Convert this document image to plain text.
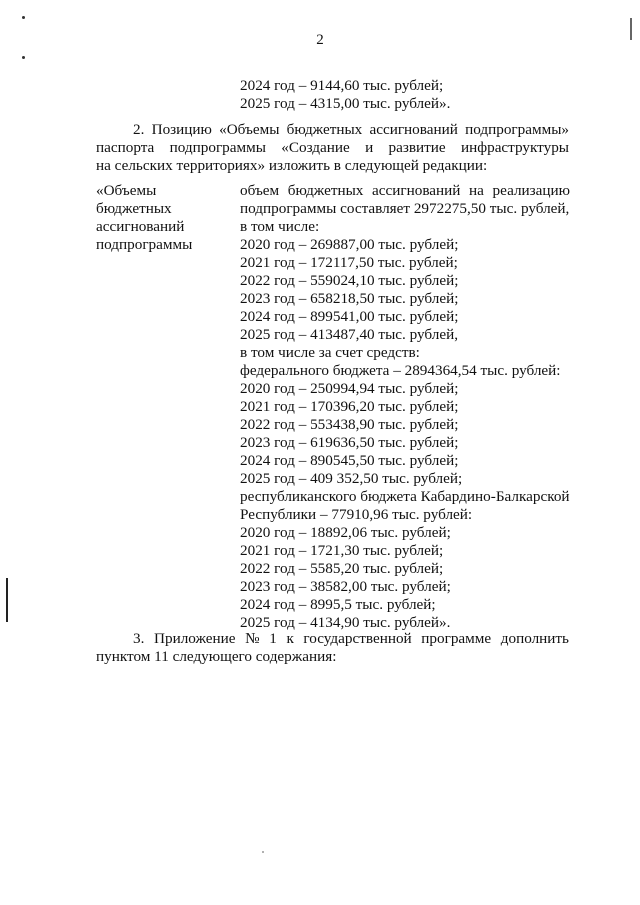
2
2024 год – 9144,60 тыс. рублей;
2025 год – 4315,00 тыс. рублей».
2. Позицию «Объемы бюджетных ассигнований подпрограммы»
паспорта подпрограммы «Создание и развитие инфраструктуры
на сельских территориях» изложить в следующей редакции:
«Объемы
бюджетных
ассигнований
подпрограммы
объем бюджетных ассигнований на реализацию
подпрограммы составляет 2972275,50 тыс. рублей,
в том числе:
2020 год – 269887,00 тыс. рублей;
2021 год – 172117,50 тыс. рублей;
2022 год – 559024,10 тыс. рублей;
2023 год – 658218,50 тыс. рублей;
2024 год – 899541,00 тыс. рублей;
2025 год – 413487,40 тыс. рублей,
в том числе за счет средств:
федерального бюджета – 2894364,54 тыс. рублей:
2020 год – 250994,94 тыс. рублей;
2021 год – 170396,20 тыс. рублей;
2022 год – 553438,90 тыс. рублей;
2023 год – 619636,50 тыс. рублей;
2024 год – 890545,50 тыс. рублей;
2025 год – 409 352,50 тыс. рублей;
республиканского бюджета Кабардино-Балкарской
Республики – 77910,96 тыс. рублей:
2020 год – 18892,06 тыс. рублей;
2021 год – 1721,30 тыс. рублей;
2022 год – 5585,20 тыс. рублей;
2023 год – 38582,00 тыс. рублей;
2024 год – 8995,5 тыс. рублей;
2025 год – 4134,90 тыс. рублей».
3. Приложение № 1 к государственной программе дополнить
пунктом 11 следующего содержания:
